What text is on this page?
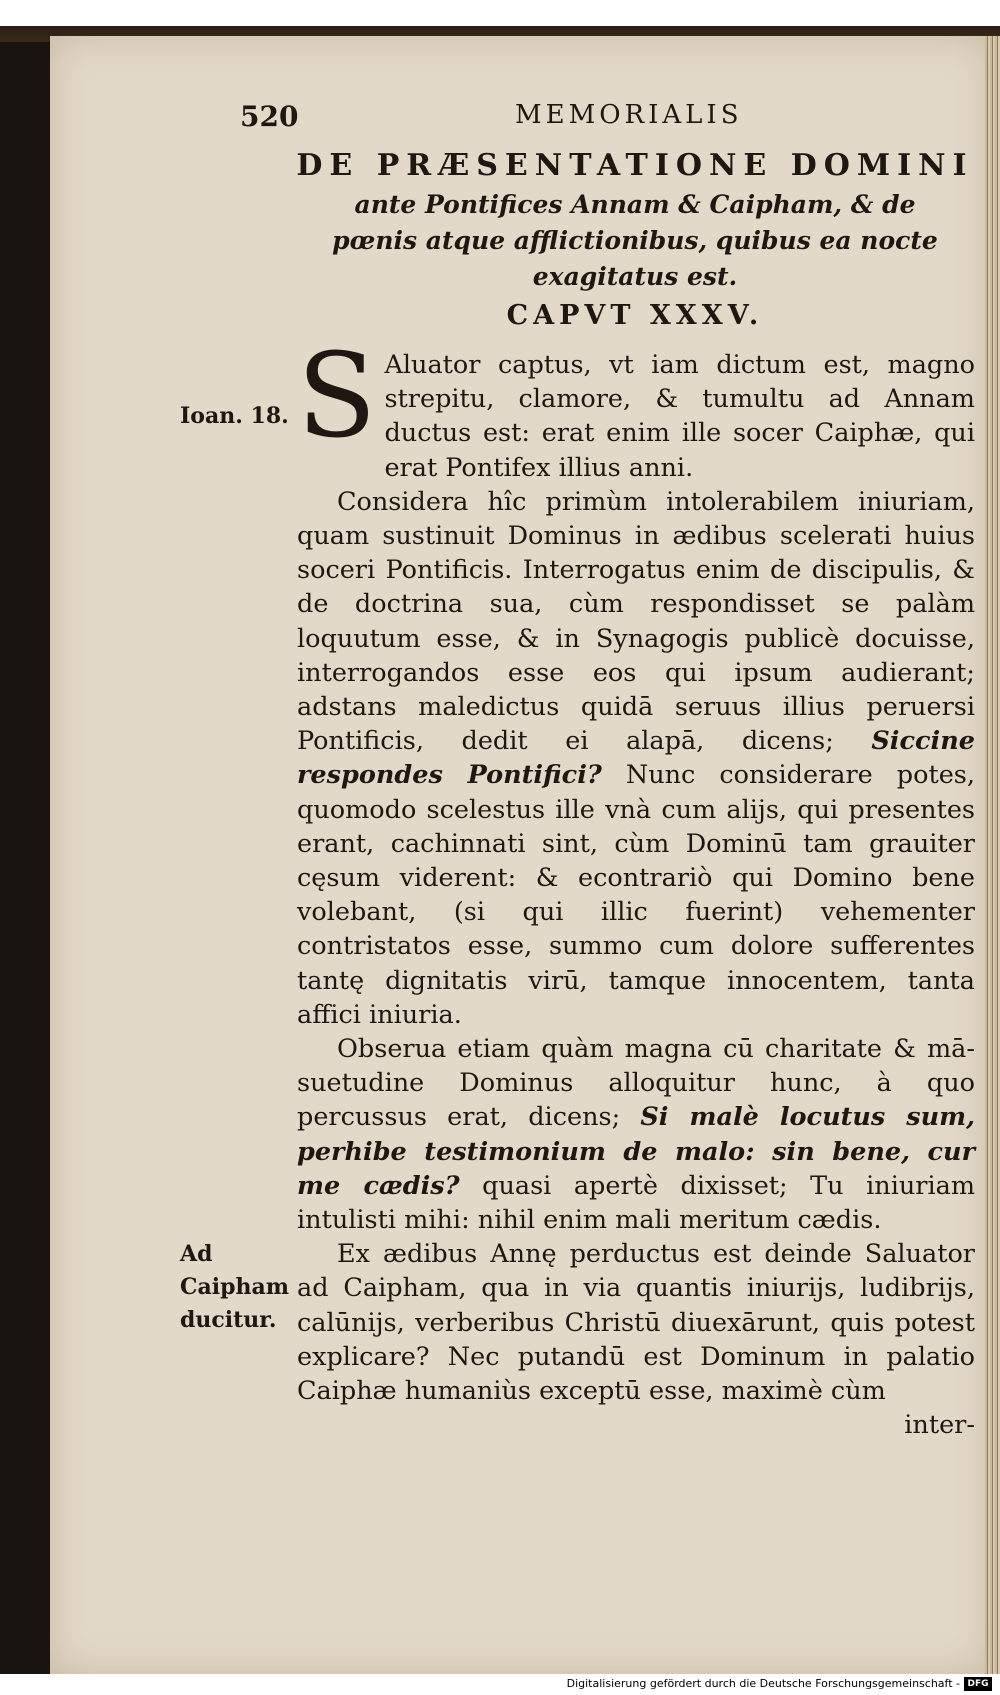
520	MEMORIALIS
DE PRÆSENTATIONE DOMINI
ante Pontifices Annam & Caipham, & de pœnis atque afflictionibus, quibus ea nocte exagitatus est.
CAPVT XXXV.
Ioan. 18.
Ad Caipham ducitur.
S Aluator captus, vt iam dictum est, magno strepitu, clamore, & tumultu ad Annam ductus est: erat enim ille socer Caiphæ, qui erat Pontifex illius anni.

Considera hîc primùm intolerabilem iniuriam, quam sustinuit Dominus in ædibus scelerati huius soceri Pontificis. Interrogatus enim de discipulis, & de doctrina sua, cùm respondisset se palàm loquutum esse, & in Synagogis publicè docuisse, interrogandos esse eos qui ipsum audierant; adstans maledictus quidā seruus illius peruersi Pontificis, dedit ei alapā, dicens; Siccine respondes Pontifici? Nunc considerare potes, quomodo scelestus ille vnà cum alijs, qui presentes erant, cachinnati sint, cùm Dominū tam grauiter cęsum viderent: & econtrariò qui Domino bene volebant, (si qui illic fuerint) vehementer contristatos esse, summo cum dolore sufferentes tantę dignitatis virū, tamque innocentem, tanta affici iniuria.

Obserua etiam quàm magna cū charitate & mā-suetudine Dominus alloquitur hunc, à quo percussus erat, dicens; Si malè locutus sum, perhibe testimonium de malo: sin bene, cur me cædis? quasi apertè dixisset; Tu iniuriam intulisti mihi: nihil enim mali meritum cædis.

Ex ædibus Annę perductus est deinde Saluator ad Caipham, qua in via quantis iniurijs, ludibrijs, calūnijs, verberibus Christū diuexārunt, quis potest explicare? Nec putandū est Dominum in palatio Caiphæ humaniùs exceptū esse, maximè cùm

inter-

Digitalisierung gefördert durch die Deutsche Forschungsgemeinschaft - DFG
